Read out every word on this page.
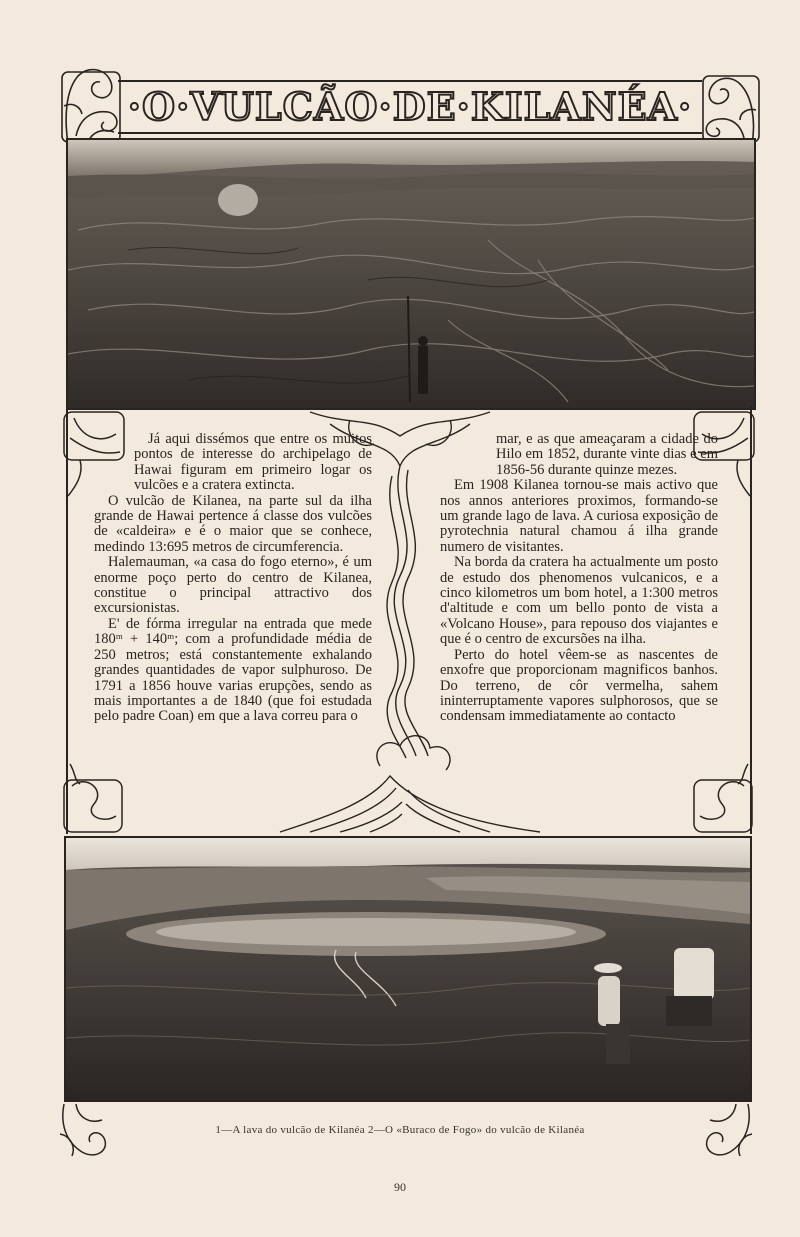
·O·VULCÃO·DE·KILANÉA·

Já aqui dissémos que entre os muitos pontos de interesse do archipelago de Hawai figuram em primeiro logar os vulcões e a cratera extincta.

O vulcão de Kilanea, na parte sul da ilha grande de Hawai pertence á classe dos vulcões de «caldeira» e é o maior que se conhece, medindo 13:695 metros de circumferencia.

Halemauman, «a casa do fogo eterno», é um enorme poço perto do centro de Kilanea, constitue o principal attractivo dos excursionistas.

E' de fórma irregular na entrada que mede 180ᵐ + 140ᵐ; com a profundidade média de 250 metros; está constantemente exhalando grandes quantidades de vapor sulphuroso. De 1791 a 1856 houve varias erupções, sendo as mais importantes a de 1840 (que foi estudada pelo padre Coan) em que a lava correu para o

mar, e as que ameaçaram a cidade do Hilo em 1852, durante vinte dias e em 1856-56 durante quinze mezes.

Em 1908 Kilanea tornou-se mais activo que nos annos anteriores proximos, formando-se um grande lago de lava. A curiosa exposição de pyrotechnia natural chamou á ilha grande numero de visitantes.

Na borda da cratera ha actualmente um posto de estudo dos phenomenos vulcanicos, e a cinco kilometros um bom hotel, a 1:300 metros d'altitude e com um bello ponto de vista a «Volcano House», para repouso dos viajantes e que é o centro de excursões na ilha.

Perto do hotel vêem-se as nascentes de enxofre que proporcionam magnificos banhos. Do terreno, de côr vermelha, sahem ininterruptamente vapores sulphorosos, que se condensam immediatamente ao contacto

1—A lava do vulcão de Kilanéa 2—O «Buraco de Fogo» do vulcão de Kilanéa
90
